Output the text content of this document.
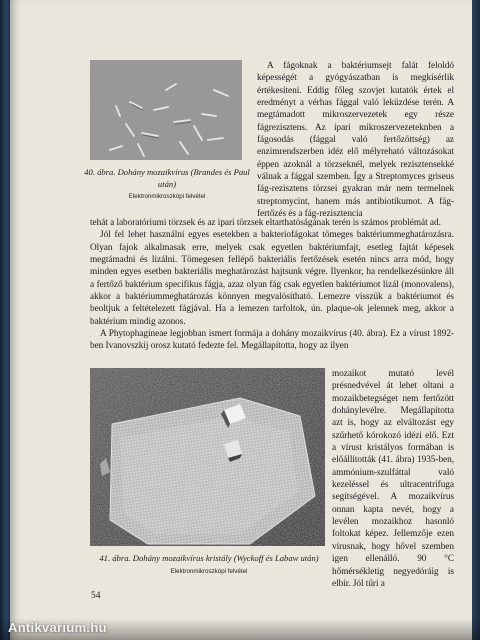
40. ábra. Dohány mozaikvírus (Brandes és Paul után)
Elektronmikroszkópi felvétel

A fágoknak a baktériumsejt falát feloldó képességét a gyógyászatban is megkísérlik értékesíteni. Eddig főleg szovjet kutatók értek el eredményt a vérhas fággal való leküzdése terén. A megtámadott mikroszervezetek egy része fágrezisztens. Az ipari mikroszervezeteknben a fágosodás (fággal való fertőzöttség) az enzimrendszerben idéz elő mélyreható változásokat éppen azoknál a törzseknél, melyek rezisztensekké válnak a fággal szemben. Így a Streptomyces griseus fág-rezisztens törzsei gyakran már nem termelnek streptomycint, hanem más antibiotikumot. A fág-fertőzés és a fág-rezisztencia

tehát a laboratóriumi törzsek és az ipari törzsek eltarthatóságának terén is számos problémát ad.

Jól fel lehet használni egyes esetekben a bakteriofágokat tömeges baktériummeghatározásra. Olyan fajok alkalmasak erre, melyek csak egyetlen baktériumfajt, esetleg fajtát képesek megtámadni és lizálni. Tömegesen fellépő bakteriális fertőzések esetén nincs arra mód, hogy minden egyes esetben bakteriális meghatározást hajtsunk végre. Ilyenkor, ha rendelkezésünkre áll a fertőző baktérium specifikus fágja, azaz olyan fág csak egyetlen baktériumot lizál (monovalens), akkor a baktériummeghatározás könnyen megvalósítható. Lemezre visszük a baktériumot és beoltjuk a feltételezett fágjával. Ha a lemezen tarfoltok, ún. plaque-ok jelennek meg, akkor a baktérium mindig azonos.

A Phytophagineae legjobban ismert formája a dohány mozaikvírus (40. ábra). Ez a vírust 1892-ben Ivanovszkij orosz kutató fedezte fel. Megállapította, hogy az ilyen

41. ábra. Dohány mozaikvírus kristály (Wyckoff és Labaw után)
Elektronmikroszkópi felvétel

mozaikot mutató levél présnedvével át lehet oltani a mozaikbetegséget nem fertőzött dohánylevélre. Megállapította azt is, hogy az elváltozást egy szűrhető kórokozó idézi elő. Ezt a vírust kristályos formában is előállították (41. ábra) 1935-ben, ammónium-szulfáttal való kezeléssel és ultracentrifuga segítségével. A mozaikvírus onnan kapta nevét, hogy a levélen mozaikhoz hasonló foltokat képez. Jellemzője ezen vírusnak, hogy hővel szemben igen ellenálló. 90 °C hőmérsékletig negyedóráig is elbír. Jól tűri a

54
Antikvarium.hu
